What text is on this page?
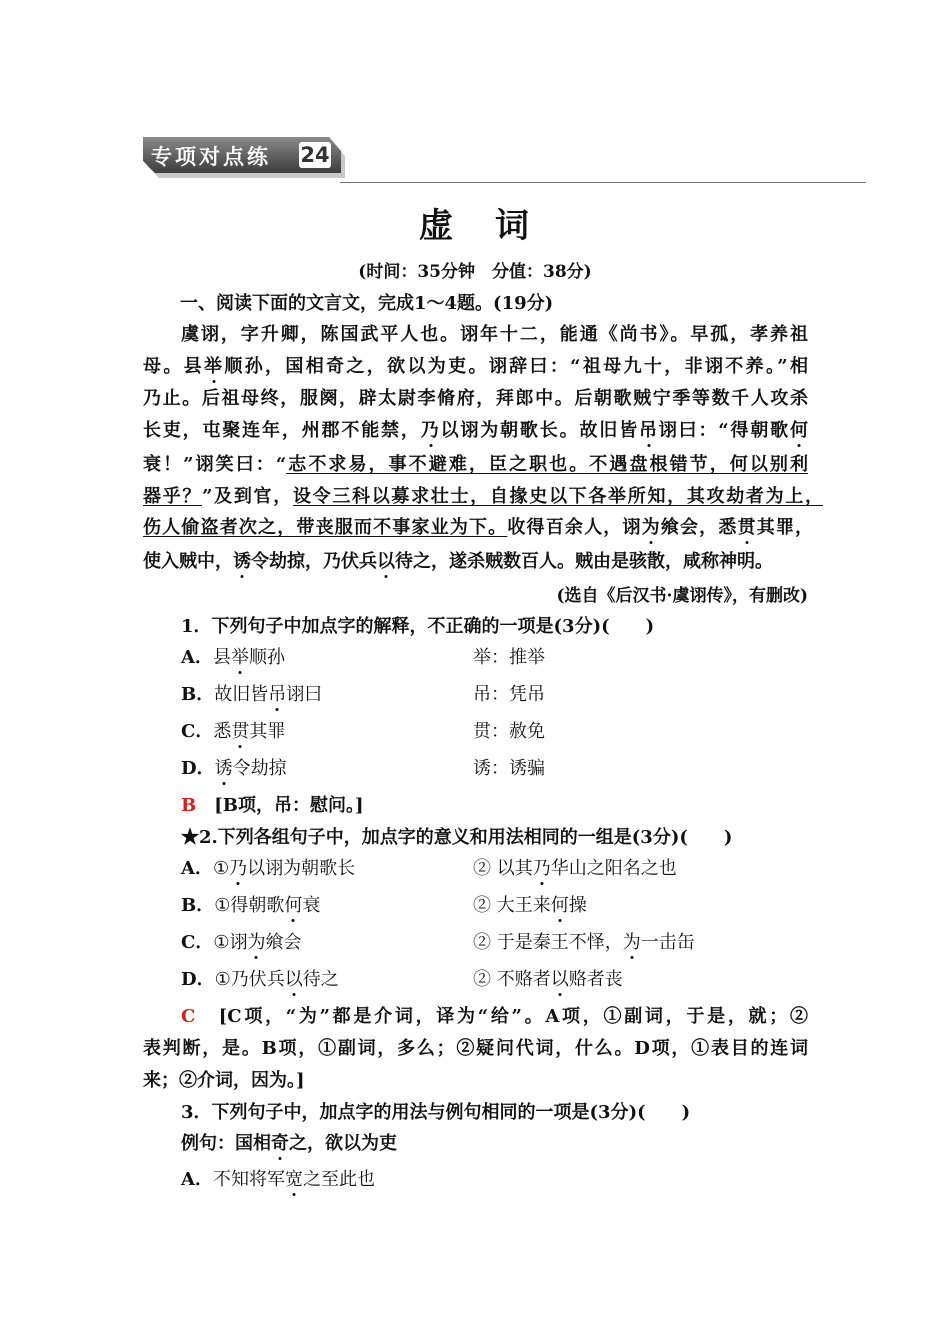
专项对点练 24
虚 词
(时间：35分钟　分值：38分)
一、阅读下面的文言文，完成1～4题。(19分)
虞诩，字升卿，陈国武平人也。诩年十二，能通《尚书》。早孤，孝养祖
母。县举顺孙，国相奇之，欲以为吏。诩辞曰：“祖母九十，非诩不养。”相
乃止。后祖母终，服阕，辟太尉李脩府，拜郎中。后朝歌贼宁季等数千人攻杀
长吏，屯聚连年，州郡不能禁，乃以诩为朝歌长。故旧皆吊诩曰：“得朝歌何
衰！”诩笑曰：“志不求易，事不避难，臣之职也。不遇盘根错节，何以别利
器乎？”及到官，设令三科以募求壮士，自掾史以下各举所知，其攻劫者为上，
伤人偷盗者次之，带丧服而不事家业为下。收得百余人，诩为飨会，悉贯其罪，
使入贼中，诱令劫掠，乃伏兵以待之，遂杀贼数百人。贼由是骇散，咸称神明。
(选自《后汉书·虞诩传》，有删改)
1．下列句子中加点字的解释，不正确的一项是(3分)(　　)
A．县举顺孙	举：推举
B．故旧皆吊诩曰	吊：凭吊
C．悉贯其罪	贯：赦免
D．诱令劫掠	诱：诱骗
B　 [B项，吊：慰问。]
★2.下列各组句子中，加点字的意义和用法相同的一组是(3分)(　　)
A．①乃以诩为朝歌长	② 以其乃华山之阳名之也
B．①得朝歌何衰	② 大王来何操
C．①诩为飨会	② 于是秦王不怿，为一击缶
D．①乃伏兵以待之	② 不赂者以赂者丧
C　 [C项，“为”都是介词，译为“给”。A项，①副词，于是，就；②
表判断，是。B项，①副词，多么；②疑问代词，什么。D项，①表目的连词
来；②介词，因为。]
3．下列句子中，加点字的用法与例句相同的一项是(3分)(　　)
例句：国相奇之，欲以为吏
A．不知将军宽之至此也
